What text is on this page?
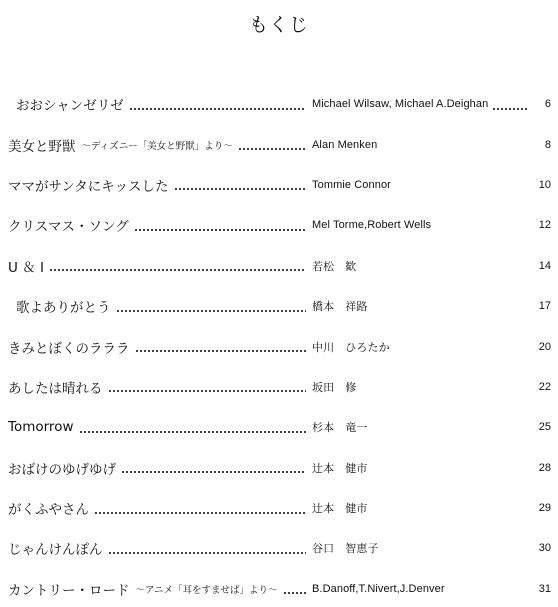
もくじ
おおシャンゼリゼ	Michael Wilsaw, Michael A.Deighan	6
美女と野獣 ～ディズニー「美女と野獣」より～	Alan Menken	8
ママがサンタにキッスした	Tommie Connor	10
クリスマス・ソング	Mel Torme,Robert Wells	12
U ＆ I	若松　歓	14
歌よありがとう	橋本　祥路	17
きみとぼくのラララ	中川　ひろたか	20
あしたは晴れる	坂田　修	22
Tomorrow	杉本　竜一	25
おばけのゆげゆげ	辻本　健市	28
がくふやさん	辻本　健市	29
じゃんけんぽん	谷口　智恵子	30
カントリー・ロード ～アニメ「耳をすませば」より～	B.Danoff,T.Nivert,J.Denver	31
